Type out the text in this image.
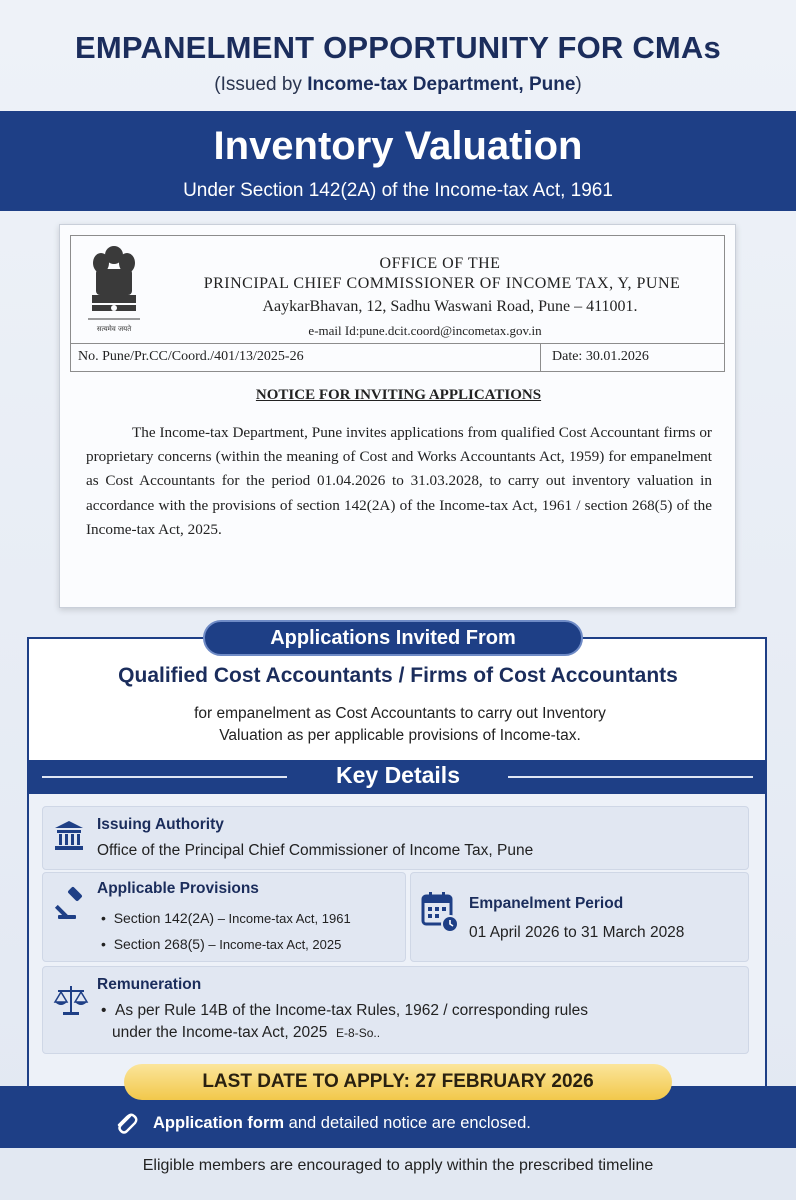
EMPANELMENT OPPORTUNITY FOR CMAs
(Issued by Income-tax Department, Pune)
Inventory Valuation
Under Section 142(2A) of the Income-tax Act, 1961
सत्यमेव जयते
OFFICE OF THE
PRINCIPAL CHIEF COMMISSIONER OF INCOME TAX, Y, PUNE
AaykarBhavan, 12, Sadhu Waswani Road, Pune – 411001.
e-mail Id:pune.dcit.coord@incometax.gov.in
No. Pune/Pr.CC/Coord./401/13/2025-26	Date: 30.01.2026
NOTICE FOR INVITING APPLICATIONS

The Income-tax Department, Pune invites applications from qualified Cost Accountant firms or proprietary concerns (within the meaning of Cost and Works Accountants Act, 1959) for empanelment as Cost Accountants for the period 01.04.2026 to 31.03.2028, to carry out inventory valuation in accordance with the provisions of section 142(2A) of the Income-tax Act, 1961 / section 268(5) of the Income-tax Act, 2025.

Applications Invited From
Qualified Cost Accountants / Firms of Cost Accountants
for empanelment as Cost Accountants to carry out Inventory
Valuation as per applicable provisions of Income-tax.
Key Details
Issuing Authority
Office of the Principal Chief Commissioner of Income Tax, Pune
Applicable Provisions
•  Section 142(2A) – Income-tax Act, 1961
•  Section 268(5) – Income-tax Act, 2025
Empanelment Period
01 April 2026 to 31 March 2028
Remuneration
•  As per Rule 14B of the Income-tax Rules, 1962 / corresponding rules
under the Income-tax Act, 2025 E-8-So..
LAST DATE TO APPLY: 27 FEBRUARY 2026
Application form and detailed notice are enclosed.
Eligible members are encouraged to apply within the prescribed timeline
